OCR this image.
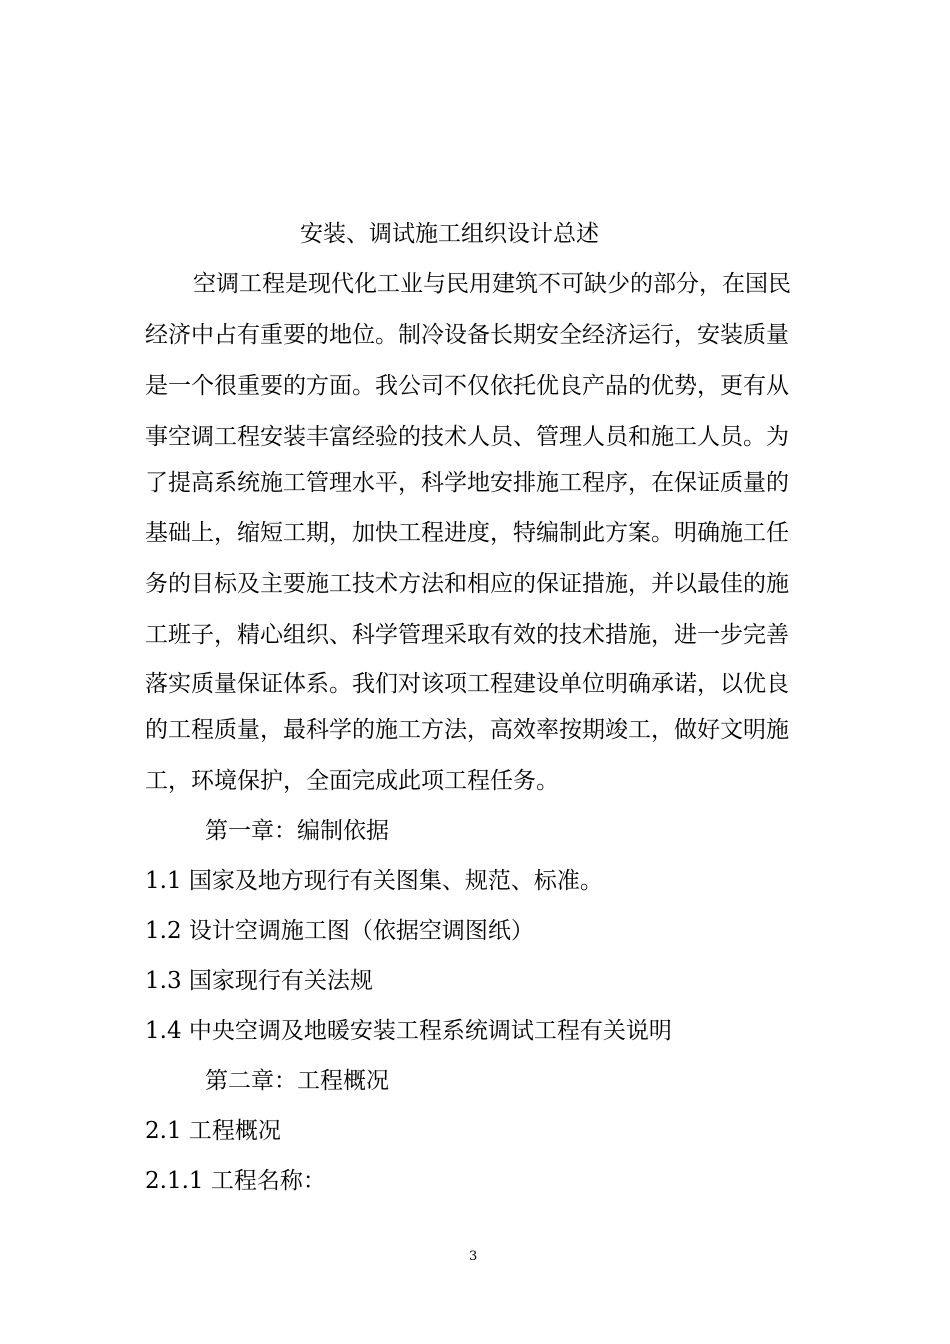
安装、调试施工组织设计总述
空调工程是现代化工业与民用建筑不可缺少的部分，在国民
经济中占有重要的地位。制冷设备长期安全经济运行，安装质量
是一个很重要的方面。我公司不仅依托优良产品的优势，更有从
事空调工程安装丰富经验的技术人员、管理人员和施工人员。为
了提高系统施工管理水平，科学地安排施工程序，在保证质量的
基础上，缩短工期，加快工程进度，特编制此方案。明确施工任
务的目标及主要施工技术方法和相应的保证措施，并以最佳的施
工班子，精心组织、科学管理采取有效的技术措施，进一步完善
落实质量保证体系。我们对该项工程建设单位明确承诺，以优良
的工程质量，最科学的施工方法，高效率按期竣工，做好文明施
工，环境保护，全面完成此项工程任务。
第一章：编制依据
1.1 国家及地方现行有关图集、规范、标准。
1.2 设计空调施工图（依据空调图纸）
1.3 国家现行有关法规
1.4 中央空调及地暖安装工程系统调试工程有关说明
第二章：工程概况
2.1 工程概况
2.1.1 工程名称：
3
